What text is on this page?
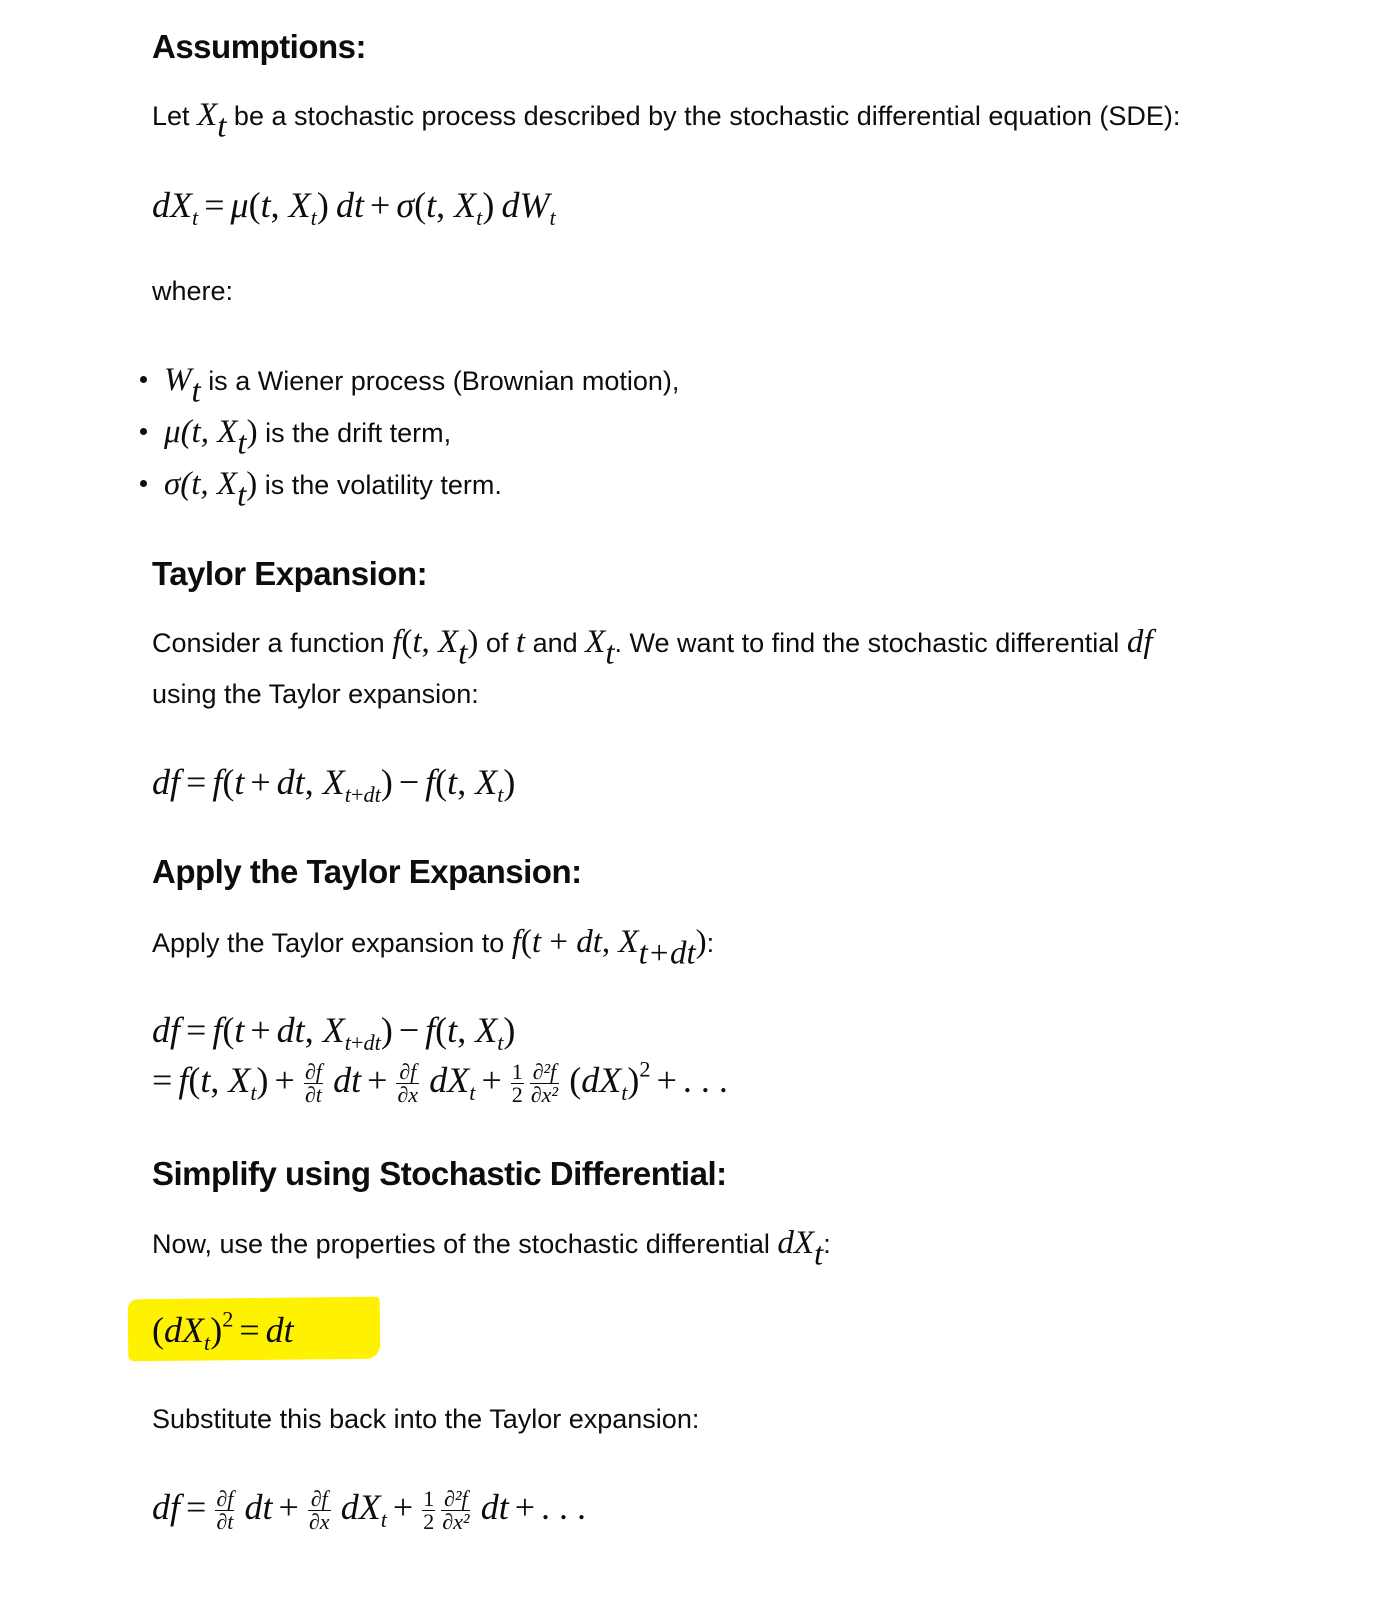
Assumptions:

Let $X_t$ be a stochastic process described by the stochastic differential equation (SDE):

$dX_t = \mu(t$, $X_t$) dt + σ(t, $X_t$) $dW_t$

where:

$W_t$ is a Wiener process (Brownian motion),
μ(t, $X_t$) is the drift term,
σ(t, $X_t$) is the volatility term.
Taylor Expansion:

Consider a function f(t, $X_t$) of t and $X_t$. We want to find the stochastic differential df
using the Taylor expansion:

df = f(t + dt, $X_{t+dt}) - f(t$, $X_t$)
Apply the Taylor Expansion:

Apply the Taylor expansion to f(t + dt, $X_{t+dt}$):

df = f(t + dt, $X_{t+dt}) - f(t$, $X_t$)
= f(t, $X_t) + \frac{\partial f}{\partial t}$
  dt + $\frac{\partial f}{\partial x}$
  $dX_t + \frac{1}{2} \frac{\text{∂²f}}{\text{∂x²}} (dX_t)^2$ + . . .
Simplify using Stochastic Differential:

Now, use the properties of the stochastic differential $dX_t$:

$(dX_t)^2$ = dt

Substitute this back into the Taylor expansion:

df = $\frac{\partial f}{\partial t}$
  dt + $\frac{\partial f}{\partial x}$
  $dX_t + \frac{1}{2} \frac{\text{∂²f}}{\text{∂x²}}$
  dt + . . .
